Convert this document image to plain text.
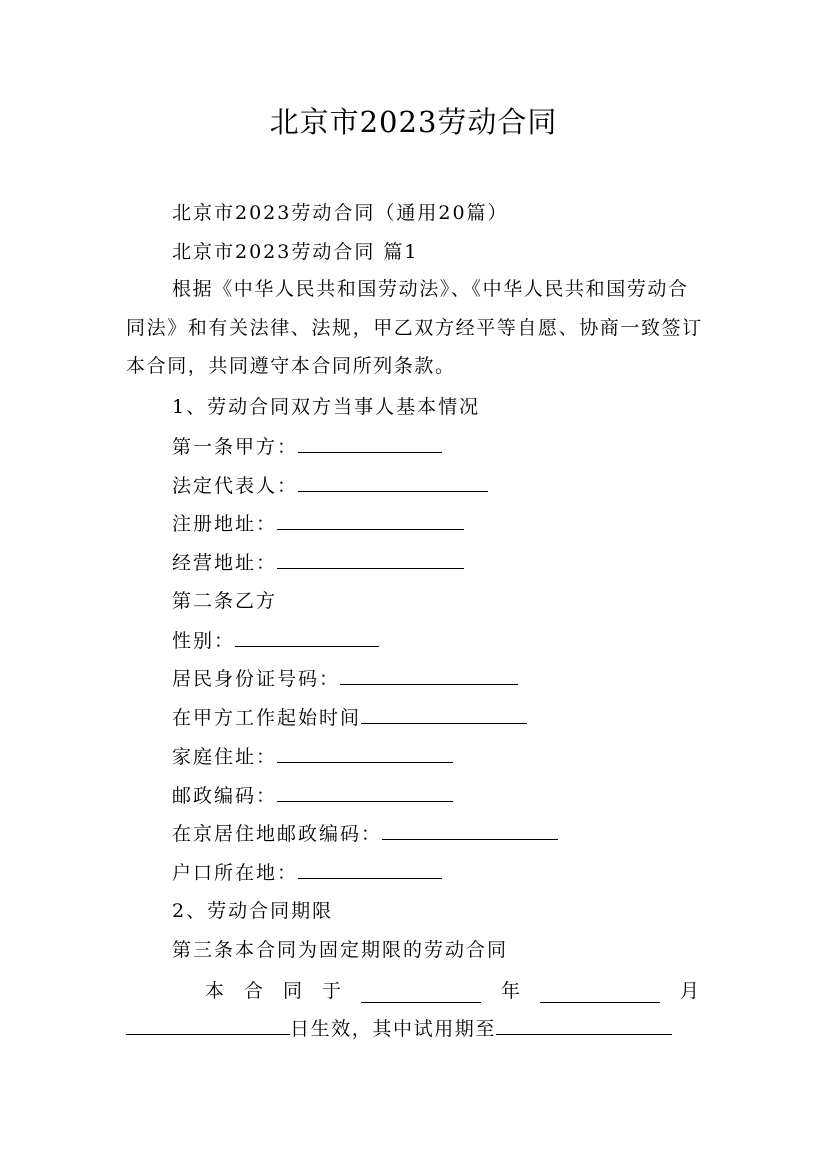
北京市2023劳动合同
北京市2023劳动合同（通用20篇）
北京市2023劳动合同 篇1
根据《中华人民共和国劳动法》、《中华人民共和国劳动合同法》和有关法律、法规，甲乙双方经平等自愿、协商一致签订本合同，共同遵守本合同所列条款。
1、劳动合同双方当事人基本情况
第一条甲方：
法定代表人：
注册地址：
经营地址：
第二条乙方
性别：
居民身份证号码：
在甲方工作起始时间
家庭住址：
邮政编码：
在京居住地邮政编码：
户口所在地：
2、劳动合同期限
第三条本合同为固定期限的劳动合同
本 合 同 于	年	月
日生效，其中试用期至
